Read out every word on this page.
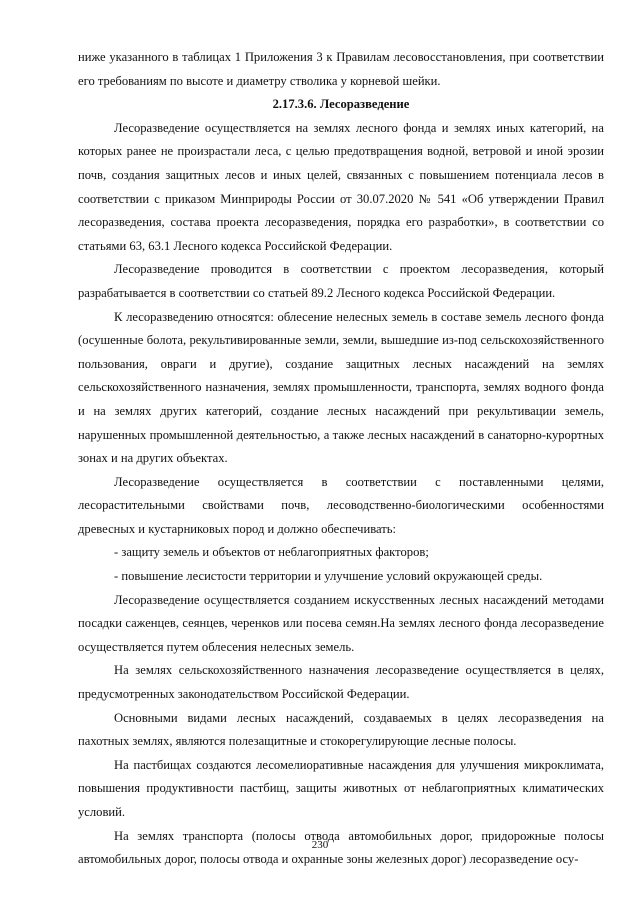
ниже указанного в таблицах 1 Приложения 3 к Правилам лесовосстановления, при соответствии его требованиям по высоте и диаметру стволика у корневой шейки.

2.17.3.6. Лесоразведение

Лесоразведение осуществляется на землях лесного фонда и землях иных категорий, на которых ранее не произрастали леса, с целью предотвращения водной, ветровой и иной эрозии почв, создания защитных лесов и иных целей, связанных с повышением потенциала лесов в соответствии с приказом Минприроды России от 30.07.2020 № 541 «Об утверждении Правил лесоразведения, состава проекта лесоразведения, порядка его разработки», в соответствии со статьями 63, 63.1 Лесного кодекса Российской Федерации.

Лесоразведение проводится в соответствии с проектом лесоразведения, который разрабатывается в соответствии со статьей 89.2 Лесного кодекса Российской Федерации.

К лесоразведению относятся: облесение нелесных земель в составе земель лесного фонда (осушенные болота, рекультивированные земли, земли, вышедшие из-под сельскохозяйственного пользования, овраги и другие), создание защитных лесных насаждений на землях сельскохозяйственного назначения, землях промышленности, транспорта, землях водного фонда и на землях других категорий, создание лесных насаждений при рекультивации земель, нарушенных промышленной деятельностью, а также лесных насаждений в санаторно-курортных зонах и на других объектах.

Лесоразведение осуществляется в соответствии с поставленными целями, лесорастительными свойствами почв, лесоводственно-биологическими особенностями древесных и кустарниковых пород и должно обеспечивать:

- защиту земель и объектов от неблагоприятных факторов;

- повышение лесистости территории и улучшение условий окружающей среды.

Лесоразведение осуществляется созданием искусственных лесных насаждений методами посадки саженцев, сеянцев, черенков или посева семян.На землях лесного фонда лесоразведение осуществляется путем облесения нелесных земель.

На землях сельскохозяйственного назначения лесоразведение осуществляется в целях, предусмотренных законодательством Российской Федерации.

Основными видами лесных насаждений, создаваемых в целях лесоразведения на пахотных землях, являются полезащитные и стокорегулирующие лесные полосы.

На пастбищах создаются лесомелиоративные насаждения для улучшения микроклимата, повышения продуктивности пастбищ, защиты животных от неблагоприятных климатических условий.

На землях транспорта (полосы отвода автомобильных дорог, придорожные полосы автомобильных дорог, полосы отвода и охранные зоны железных дорог) лесоразведение осу-

230
